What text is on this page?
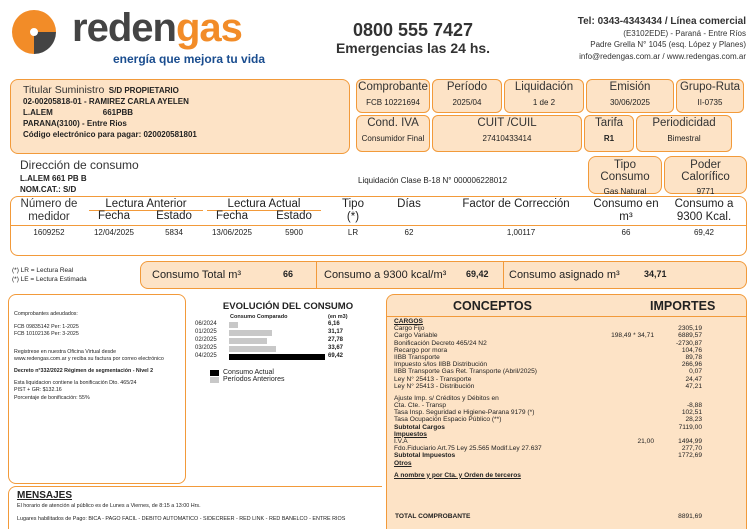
redengas
energía que mejora tu vida
0800 555 7427
Emergencias las 24 hs.
Tel: 0343-4343434 / Línea comercial
(E3102EDE) - Paraná - Entre Ríos
Padre Grella N° 1045 (esq. López y Planes)
info@redengas.com.ar / www.redengas.com.ar
Titular Suministro S/D PROPIETARIO
02-00205818-01 - RAMIREZ CARLA AYELEN
L.ALEM	661PBB
PARANA(3100) - Entre Rios
Código electrónico para pagar: 020020581801
Comprobante
FCB 10221694
Período
2025/04
Liquidación
1 de 2
Emisión
30/06/2025
Grupo-Ruta
II-0735
Cond. IVA
Consumidor Final
CUIT /CUIL
27410433414
Tarifa
R1
Periodicidad
Bimestral
Dirección de consumo
L.ALEM 661 PB B
NOM.CAT.: S/D
Liquidación Clase B-18 N° 000006228012
Tipo Consumo
Gas Natural
Poder Calorífico
9771
Número de medidor
Lectura Anterior
Fecha	Estado
Lectura Actual
Fecha	Estado
Tipo (*)
Días	Factor de Corrección	Consumo en m³
Consumo a 9300 Kcal.
1609252	12/04/2025	5834	13/06/2025	5900	LR	62	1,00117	66	69,42
(*) LR = Lectura Real
(*) LE = Lectura Estimada	Consumo Total m³	66	Consumo a 9300 kcal/m³ 69,42 Consumo asignado m³	34,71
Comprobantes adeudados:
FCB 09835142 Per: 1-2025
FCB 10102136 Per: 3-2025
Registrese en nuestra Oficina Virtual desde
www.redengas.com.ar y reciba su factura por correo electrónico
Decreto n°332/2022 Régimen de segmentación - Nivel 2
Esta liquidacion contiene la bonificación Dto. 465/24
PIST + GR: $132.16
Porcentaje de bonificación: 55%
EVOLUCIÓN DEL CONSUMO
Consumo Comparado	(en m3)
06/2024	6,16
01/2025	31,17
02/2025	27,78
03/2025	33,67
04/2025	69,42
Consumo Actual
Períodos Anteriores
CONCEPTOS	IMPORTES
CARGOS
Cargo Fijo	2305,19
Cargo Variable	198,49 * 34,71	6889,57
Bonificación Decreto 465/24 N2	-2730,87
Recargo por mora	104,76
IIBB Transporte	89,78
Impuesto s/los IIBB Distribución	266,96
IIBB Transporte Gas Ret. Transporte (Abril/2025)	0,07
Ley N° 25413 - Transporte	24,47
Ley N° 25413 - Distribución	47,21
Ajuste Imp. s/ Créditos y Débitos en
Cta. Cte. - Transp	-8,88
Tasa Insp. Seguridad e Higiene-Parana 9179 (*)	102,51
Tasa Ocupación Espacio Público (**)	28,23
Subtotal Cargos	7119,00
Impuestos
I.V.A	21,00	1494,99
Fdo.Fiduciario Art.75 Ley 25.565 Modif.Ley 27.637	277,70
Subtotal Impuestos	1772,69
Otros
A nombre y por Cta. y Orden de terceros
TOTAL COMPROBANTE	8891,69
MENSAJES
El horario de atención al público es de Lunes a Viernes, de 8:15 a 13:00 Hrs.
Lugares habilitados de Pago: BICA - PAGO FACIL - DEBITO AUTOMATICO - SIDECREER - RED LINK - RED BANELCO - ENTRE RIOS
